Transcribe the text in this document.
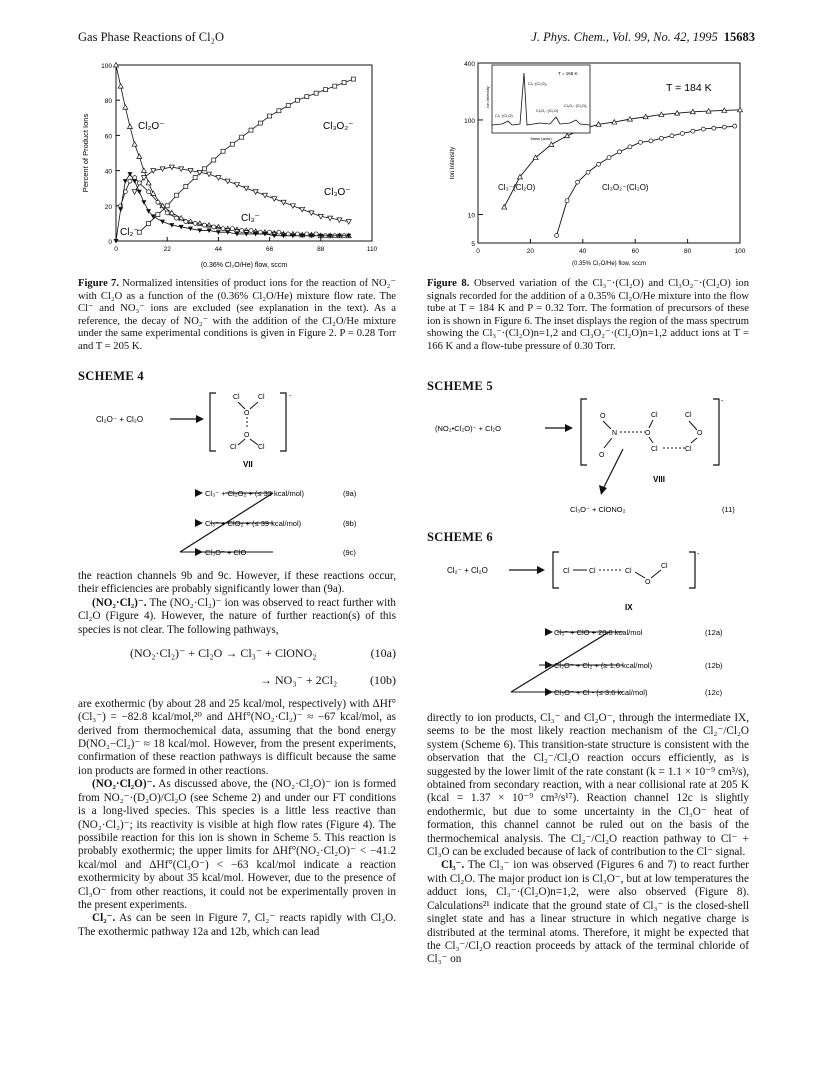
Gas Phase Reactions of Cl₂O	J. Phys. Chem., Vol. 99, No. 42, 1995 15683
0
20
40
60
80
100
0	22	44	66	88	110
(0.36% Cl₂O/He) flow, sccm
Percent of Product Ions	Cl₂O⁻	Cl₃O₂⁻
Cl₃O⁻
Cl₃⁻
Cl₂⁻
Figure 7. Normalized intensities of product ions for the reaction of NO₂⁻ with Cl₂O as a function of the (0.36% Cl₂O/He) mixture flow rate. The Cl⁻ and NO₃⁻ ions are excluded (see explanation in the text). As a reference, the decay of NO₂⁻ with the addition of the Cl₂O/He mixture under the same experimental conditions is given in Figure 2. P = 0.28 Torr and T = 205 K.
5
10
100
400
0	20	40	60	80	100
(0.35% Cl₂O/He) flow, sccm
Ion Intensity
T = 184 K
Cl₃⁻(Cl₂O)	Cl₃O₂⁻(Cl₂O)
T = 166 K
Mass (amu)
Ion Intensity
Cl₃⁻(Cl₂O)
Cl₃⁻(Cl₂O)₂
Cl₃O₂⁻(Cl₂O)
Cl₃O₂⁻(Cl₂O)₂
Figure 8. Observed variation of the Cl₃⁻·(Cl₂O) and Cl₃O₂⁻·(Cl₂O) ion signals recorded for the addition of a 0.35% Cl₂O/He mixture into the flow tube at T = 184 K and P = 0.32 Torr. The formation of precursors of these ion is shown in Figure 6. The inset displays the region of the mass spectrum showing the Cl₃⁻·(Cl₂O)n=1,2 and Cl₃O₂⁻·(Cl₂O)n=1,2 adduct ions at T = 166 K and a flow-tube pressure of 0.30 Torr.
SCHEME 4
Cl₂O⁻ + Cl₂O
-
Cl	Cl
O
O
Cl	Cl
VII
Cl₃⁻ + Cl₂O₂ + (≤ 33 kcal/mol)	(9a)
Cl₃⁻ + ClO₂ + (≤ 39 kcal/mol)	(9b)
Cl₃O⁻ + ClO	(9c)

the reaction channels 9b and 9c. However, if these reactions occur, their efficiencies are probably significantly lower than (9a).

(NO₂·Cl₂)⁻. The (NO₂·Cl₂)⁻ ion was observed to react further with Cl₂O (Figure 4). However, the nature of further reaction(s) of this species is not clear. The following pathways,

(NO₂·Cl₂)⁻ + Cl₂O → Cl₃⁻ + ClONO₂	(10a)
→ NO₃⁻ + 2Cl₂	(10b)

are exothermic (by about 28 and 25 kcal/mol, respectively) with ΔHf°(Cl₃⁻) = −82.8 kcal/mol,²⁰ and ΔHf°(NO₂·Cl₂)⁻ ≈ −67 kcal/mol, as derived from thermochemical data, assuming that the bond energy D(NO₂−Cl₂)⁻ ≈ 18 kcal/mol. However, from the present experiments, confirmation of these reaction pathways is difficult because the same ion products are formed in other reactions.

(NO₂·Cl₂O)⁻. As discussed above, the (NO₂·Cl₂O)⁻ ion is formed from NO₂⁻·(D₂O)/Cl₂O (see Scheme 2) and under our FT conditions is a long-lived species. This species is a little less reactive than (NO₂·Cl₂)⁻; its reactivity is visible at high flow rates (Figure 4). The possibile reaction for this ion is shown in Scheme 5. This reaction is probably exothermic; the upper limits for ΔHf°(NO₂·Cl₂O)⁻ < −41.2 kcal/mol and ΔHf°(Cl₃O⁻) < −63 kcal/mol indicate a reaction exothermicity by about 35 kcal/mol. However, due to the presence of Cl₃O⁻ from other reactions, it could not be experimentally proven in the present experiments.

Cl₂⁻. As can be seen in Figure 7, Cl₂⁻ reacts rapidly with Cl₂O. The exothermic pathway 12a and 12b, which can lead

SCHEME 5
(NO₂•Cl₂O)⁻ + Cl₂O
-
O
N
O
O
Cl
Cl	Cl
Cl
O
VIII
Cl₃O⁻ + ClONO₂	(11)
SCHEME 6
Cl₂⁻ + Cl₂O
-
Cl	Cl	Cl
O
Cl
IX
Cl₃⁻ + ClO + 20.8 kcal/mol	(12a)
Cl₂O⁻ + Cl₂ + (≥ 1.6 kcal/mol)	(12b)
Cl₃O⁻ + Cl - (≤ 3.6 kcal/mol)	(12c)

directly to ion products, Cl₃⁻ and Cl₂O⁻, through the intermediate IX, seems to be the most likely reaction mechanism of the Cl₂⁻/Cl₂O system (Scheme 6). This transition-state structure is consistent with the observation that the Cl₂⁻/Cl₂O reaction occurs efficiently, as is suggested by the lower limit of the rate constant (k = 1.1 × 10⁻⁹ cm³/s), obtained from secondary reaction, with a near collisional rate at 205 K (kcal = 1.37 × 10⁻⁹ cm³/s¹⁷). Reaction channel 12c is slightly endothermic, but due to some uncertainty in the Cl₃O⁻ heat of formation, this channel cannot be ruled out on the basis of the thermochemical analysis. The Cl₂⁻/Cl₂O reaction pathway to Cl⁻ + Cl₃O can be excluded because of lack of contribution to the Cl⁻ signal.

Cl₃⁻. The Cl₃⁻ ion was observed (Figures 6 and 7) to react further with Cl₂O. The major product ion is Cl₃O⁻, but at low temperatures the adduct ions, Cl₃⁻·(Cl₂O)n=1,2, were also observed (Figure 8). Calculations²¹ indicate that the ground state of Cl₃⁻ is the closed-shell singlet state and has a linear structure in which negative charge is distributed at the terminal atoms. Therefore, it might be expected that the Cl₃⁻/Cl₂O reaction proceeds by attack of the terminal chloride of Cl₃⁻ on
